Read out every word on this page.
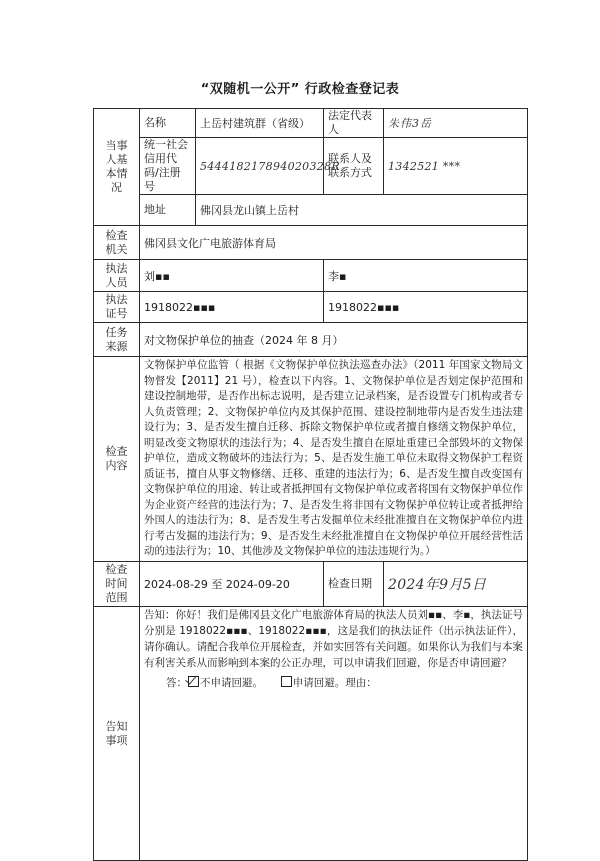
“双随机一公开” 行政检查登记表
当事人基本情况	名称	上岳村建筑群（省级）	法定代表人	朱伟3岳
	统一社会信用代码/注册号	544418217894020328R	联系人及联系方式	1342521 ***
	地址	佛冈县龙山镇上岳村		
检查机关	佛冈县文化广电旅游体育局			
执法人员	刘▪▪		李▪	
执法证号	1918022▪▪▪		1918022▪▪▪	
任务来源	对文物保护单位的抽查（2024 年 8 月）			
检查内容	文物保护单位监管（ 根据《文物保护单位执法巡查办法》（2011 年国家文物局文物督发【2011】21 号），检查以下内容。1、文物保护单位是否划定保护范围和建设控制地带，是否作出标志说明，是否建立记录档案，是否设置专门机构或者专人负责管理；2、文物保护单位内及其保护范围、建设控制地带内是否发生违法建设行为；3、是否发生擅自迁移、拆除文物保护单位或者擅自修缮文物保护单位，明显改变文物原状的违法行为；4、是否发生擅自在原址重建已全部毁坏的文物保护单位，造成文物破坏的违法行为；5、是否发生施工单位未取得文物保护工程资质证书，擅自从事文物修缮、迁移、重建的违法行为；6、是否发生擅自改变国有文物保护单位的用途、转让或者抵押国有文物保护单位或者将国有文物保护单位作为企业资产经营的违法行为；7、是否发生将非国有文物保护单位转让或者抵押给外国人的违法行为；8、是否发生考古发掘单位未经批准擅自在文物保护单位内进行考古发掘的违法行为；9、是否发生未经批准擅自在文物保护单位开展经营性活动的违法行为；10、其他涉及文物保护单位的违法违规行为。）			
检查时间范围	2024-08-29 至 2024-09-20		检查日期	2024年9月5日
告知事项	告知：你好！我们是佛冈县文化广电旅游体育局的执法人员刘▪▪、李▪，执法证号分别是 1918022▪▪▪、1918022▪▪▪，这是我们的执法证件（出示执法证件），请你确认。请配合我单位开展检查，并如实回答有关问题。如果你认为我们与本案有利害关系从而影响到本案的公正办理，可以申请我们回避，你是否申请回避？
答： 不申请回避。 申请回避。理由：			
